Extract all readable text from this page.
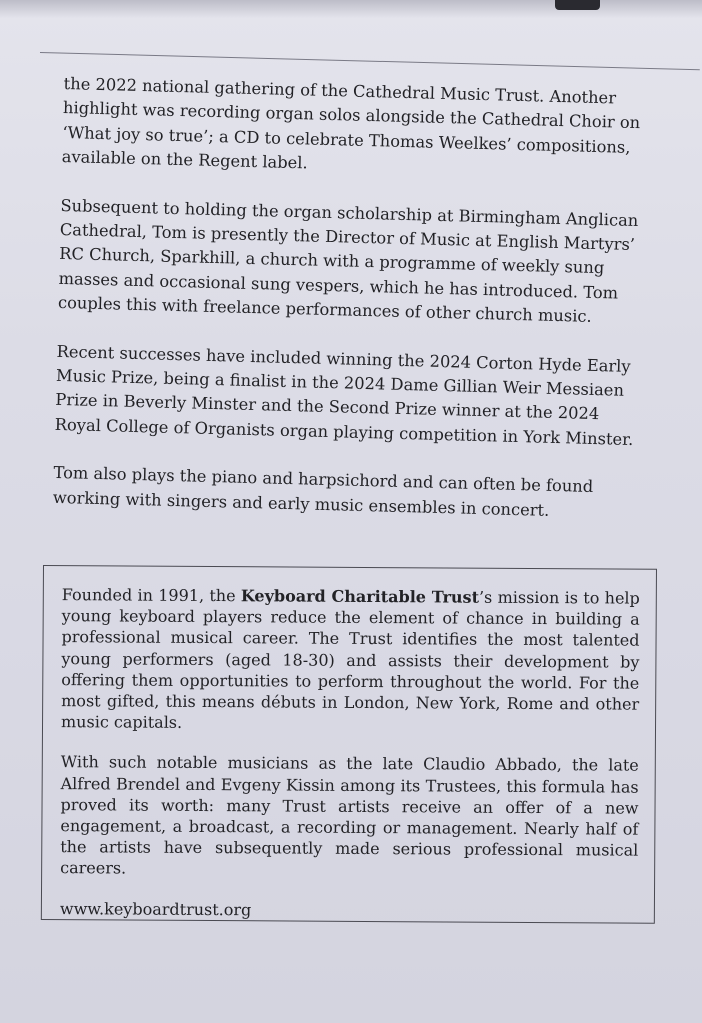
the 2022 national gathering of the Cathedral Music Trust. Another highlight was recording organ solos alongside the Cathedral Choir on ‘What joy so true’; a CD to celebrate Thomas Weelkes’ compositions, available on the Regent label.

Subsequent to holding the organ scholarship at Birmingham Anglican Cathedral, Tom is presently the Director of Music at English Martyrs’ RC Church, Sparkhill, a church with a programme of weekly sung masses and occasional sung vespers, which he has introduced. Tom couples this with freelance performances of other church music.

Recent successes have included winning the 2024 Corton Hyde Early Music Prize, being a finalist in the 2024 Dame Gillian Weir Messiaen Prize in Beverly Minster and the Second Prize winner at the 2024 Royal College of Organists organ playing competition in York Minster.

Tom also plays the piano and harpsichord and can often be found working with singers and early music ensembles in concert.

Founded in 1991, the Keyboard Charitable Trust’s mission is to help young keyboard players reduce the element of chance in building a professional musical career. The Trust identifies the most talented young performers (aged 18-30) and assists their development by offering them opportunities to perform throughout the world. For the most gifted, this means débuts in London, New York, Rome and other music capitals.

With such notable musicians as the late Claudio Abbado, the late Alfred Brendel and Evgeny Kissin among its Trustees, this formula has proved its worth: many Trust artists receive an offer of a new engagement, a broadcast, a recording or management. Nearly half of the artists have subsequently made serious professional musical careers.

www.keyboardtrust.org
